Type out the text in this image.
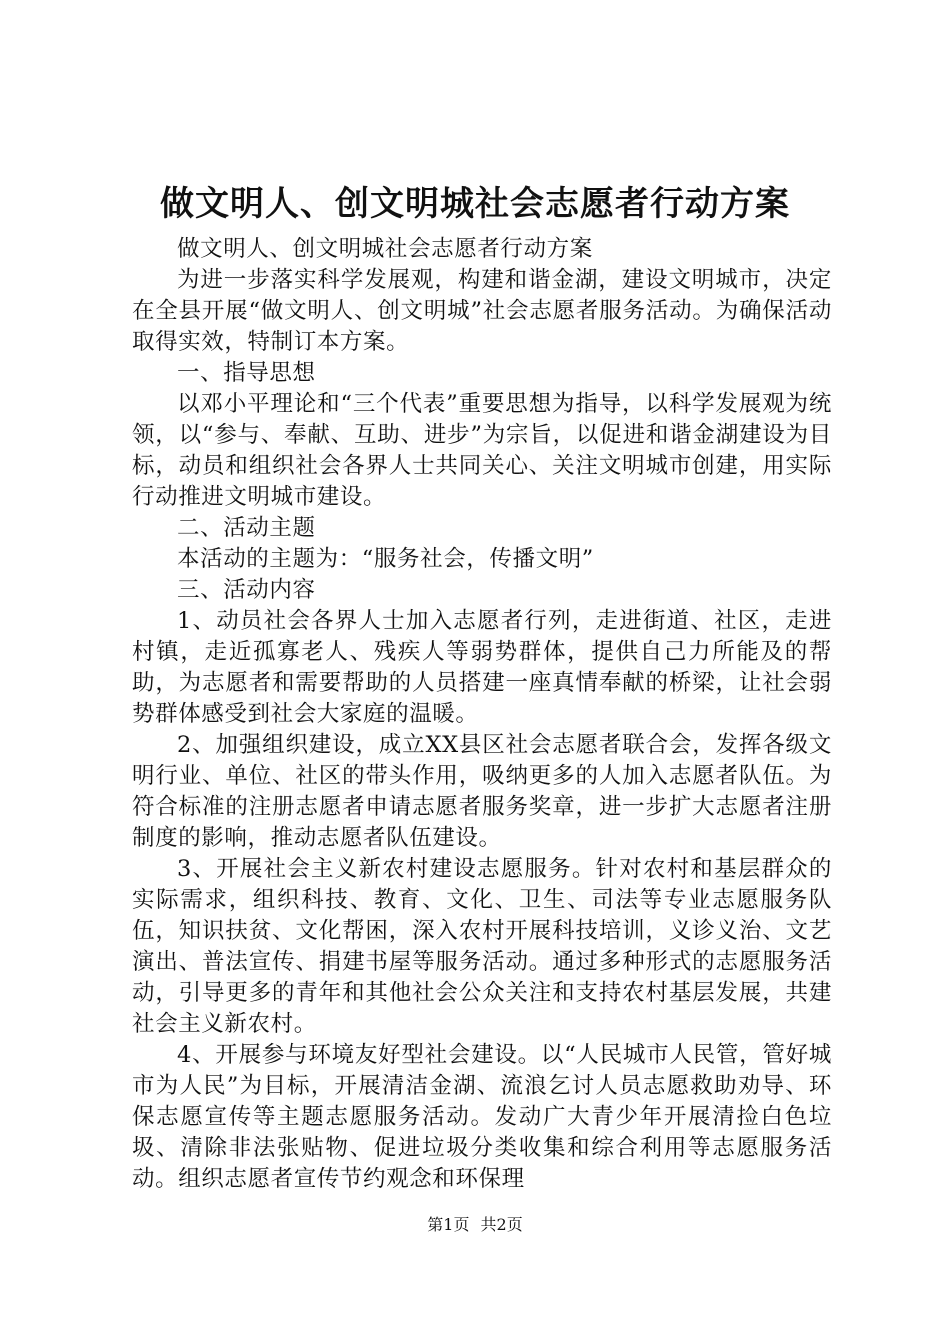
做文明人、创文明城社会志愿者行动方案

做文明人、创文明城社会志愿者行动方案

为进一步落实科学发展观，构建和谐金湖，建设文明城市，决定在全县开展“做文明人、创文明城”社会志愿者服务活动。为确保活动取得实效，特制订本方案。

一、指导思想

以邓小平理论和“三个代表”重要思想为指导，以科学发展观为统领，以“参与、奉献、互助、进步”为宗旨，以促进和谐金湖建设为目标，动员和组织社会各界人士共同关心、关注文明城市创建，用实际行动推进文明城市建设。

二、活动主题

本活动的主题为：“服务社会，传播文明”

三、活动内容

1、动员社会各界人士加入志愿者行列，走进街道、社区，走进村镇，走近孤寡老人、残疾人等弱势群体，提供自己力所能及的帮助，为志愿者和需要帮助的人员搭建一座真情奉献的桥梁，让社会弱势群体感受到社会大家庭的温暖。

2、加强组织建设，成立XX县区社会志愿者联合会，发挥各级文明行业、单位、社区的带头作用，吸纳更多的人加入志愿者队伍。为符合标准的注册志愿者申请志愿者服务奖章，进一步扩大志愿者注册制度的影响，推动志愿者队伍建设。

3、开展社会主义新农村建设志愿服务。针对农村和基层群众的实际需求，组织科技、教育、文化、卫生、司法等专业志愿服务队伍，知识扶贫、文化帮困，深入农村开展科技培训，义诊义治、文艺演出、普法宣传、捐建书屋等服务活动。通过多种形式的志愿服务活动，引导更多的青年和其他社会公众关注和支持农村基层发展，共建社会主义新农村。

4、开展参与环境友好型社会建设。以“人民城市人民管，管好城市为人民”为目标，开展清洁金湖、流浪乞讨人员志愿救助劝导、环保志愿宣传等主题志愿服务活动。发动广大青少年开展清捡白色垃圾、清除非法张贴物、促进垃圾分类收集和综合利用等志愿服务活动。组织志愿者宣传节约观念和环保理

第1页 共2页
